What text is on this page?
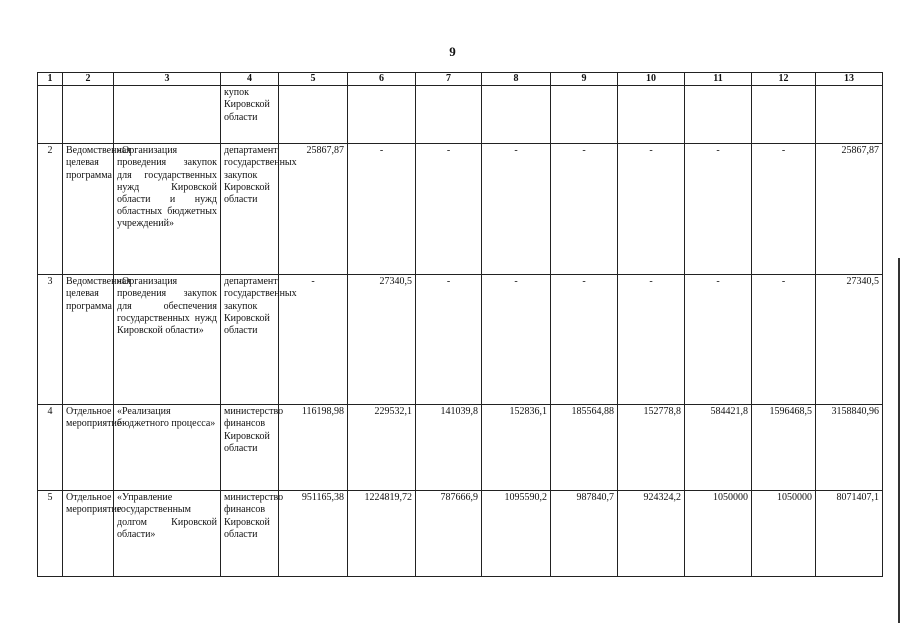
9
1	2	3	4	5	6	7	8	9	10	11	12	13
			купок Кировской области									
2	Ведомственная целевая программа	«Организация проведения закупок для государственных нужд Кировской области и нужд областных бюджетных учреждений»	департамент государственных закупок Кировской области	25867,87	-	-	-	-	-	-	-	25867,87
3	Ведомственная целевая программа	«Организация проведения закупок для обеспечения государственных нужд Кировской области»	департамент государственных закупок Кировской области	-	27340,5	-	-	-	-	-	-	27340,5
4	Отдельное мероприятие	«Реализация бюджетного процесса»	министерство финансов Кировской области	116198,98	229532,1	141039,8	152836,1	185564,88	152778,8	584421,8	1596468,5	3158840,96
5	Отдельное мероприятие	«Управление государственным долгом Кировской области»	министерство финансов Кировской области	951165,38	1224819,72	787666,9	1095590,2	987840,7	924324,2	1050000	1050000	8071407,1
